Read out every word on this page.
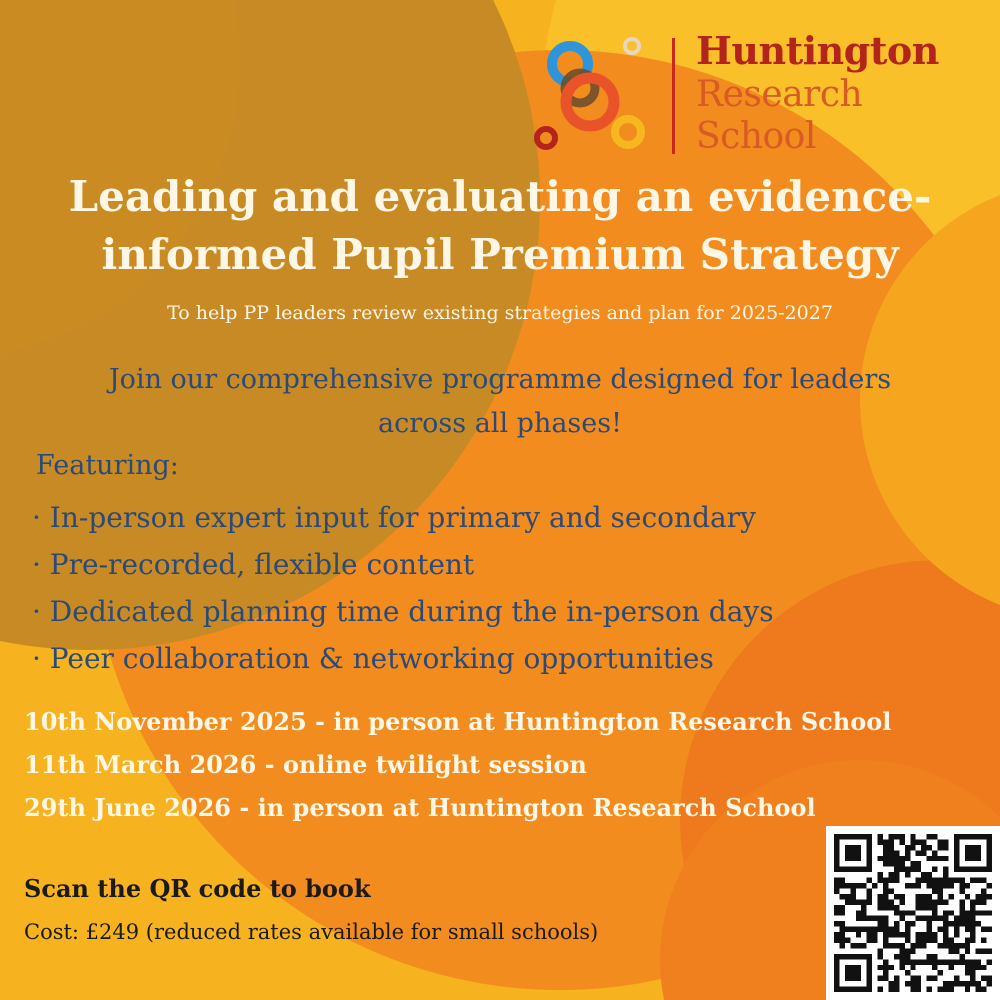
Huntington

Research

School

Leading and evaluating an evidence-
informed Pupil Premium Strategy

To help PP leaders review existing strategies and plan for 2025-2027

Join our comprehensive programme designed for leaders
across all phases!

Featuring:

· In-person expert input for primary and secondary
· Pre-recorded, flexible content
· Dedicated planning time during the in-person days
· Peer collaboration & networking opportunities
10th November 2025 - in person at Huntington Research School
11th March 2026 - online twilight session
29th June 2026 - in person at Huntington Research School

Scan the QR code to book

Cost: £249 (reduced rates available for small schools)
